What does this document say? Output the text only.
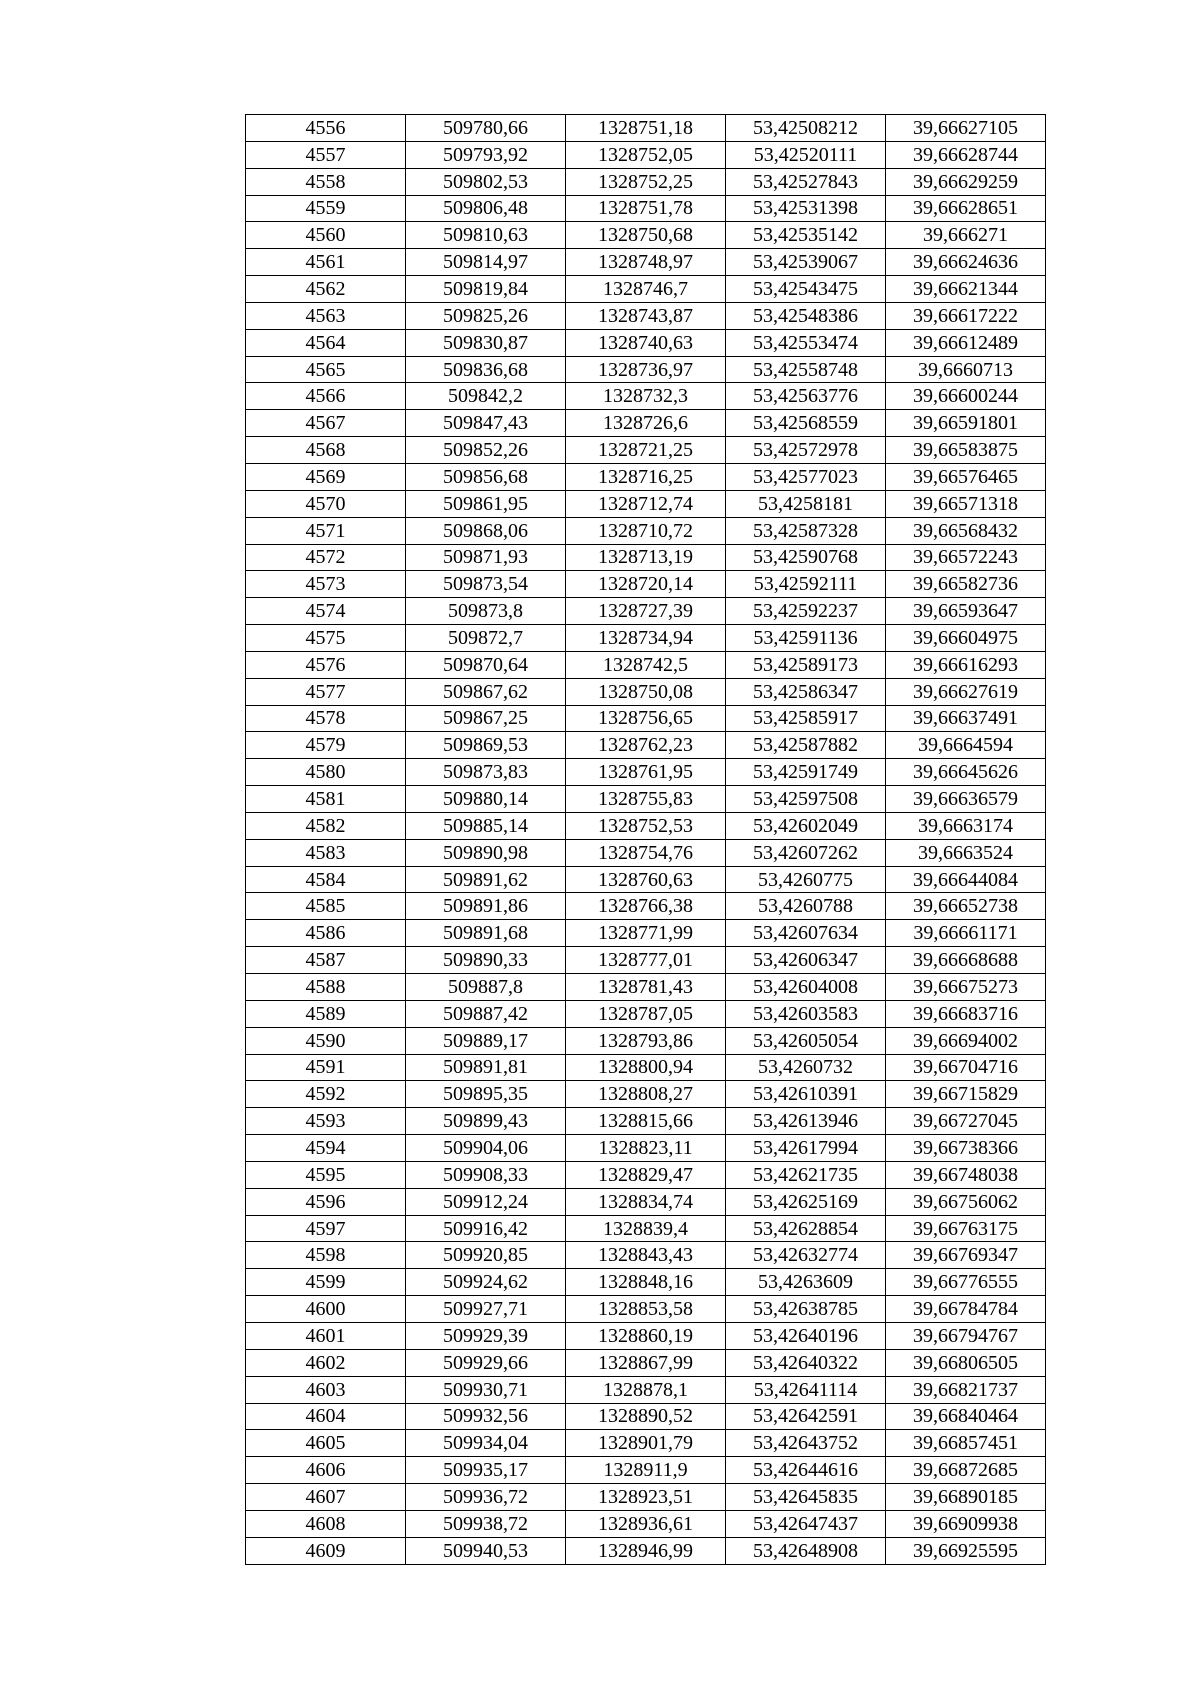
4556	509780,66	1328751,18	53,42508212	39,66627105
4557	509793,92	1328752,05	53,42520111	39,66628744
4558	509802,53	1328752,25	53,42527843	39,66629259
4559	509806,48	1328751,78	53,42531398	39,66628651
4560	509810,63	1328750,68	53,42535142	39,666271
4561	509814,97	1328748,97	53,42539067	39,66624636
4562	509819,84	1328746,7	53,42543475	39,66621344
4563	509825,26	1328743,87	53,42548386	39,66617222
4564	509830,87	1328740,63	53,42553474	39,66612489
4565	509836,68	1328736,97	53,42558748	39,6660713
4566	509842,2	1328732,3	53,42563776	39,66600244
4567	509847,43	1328726,6	53,42568559	39,66591801
4568	509852,26	1328721,25	53,42572978	39,66583875
4569	509856,68	1328716,25	53,42577023	39,66576465
4570	509861,95	1328712,74	53,4258181	39,66571318
4571	509868,06	1328710,72	53,42587328	39,66568432
4572	509871,93	1328713,19	53,42590768	39,66572243
4573	509873,54	1328720,14	53,42592111	39,66582736
4574	509873,8	1328727,39	53,42592237	39,66593647
4575	509872,7	1328734,94	53,42591136	39,66604975
4576	509870,64	1328742,5	53,42589173	39,66616293
4577	509867,62	1328750,08	53,42586347	39,66627619
4578	509867,25	1328756,65	53,42585917	39,66637491
4579	509869,53	1328762,23	53,42587882	39,6664594
4580	509873,83	1328761,95	53,42591749	39,66645626
4581	509880,14	1328755,83	53,42597508	39,66636579
4582	509885,14	1328752,53	53,42602049	39,6663174
4583	509890,98	1328754,76	53,42607262	39,6663524
4584	509891,62	1328760,63	53,4260775	39,66644084
4585	509891,86	1328766,38	53,4260788	39,66652738
4586	509891,68	1328771,99	53,42607634	39,66661171
4587	509890,33	1328777,01	53,42606347	39,66668688
4588	509887,8	1328781,43	53,42604008	39,66675273
4589	509887,42	1328787,05	53,42603583	39,66683716
4590	509889,17	1328793,86	53,42605054	39,66694002
4591	509891,81	1328800,94	53,4260732	39,66704716
4592	509895,35	1328808,27	53,42610391	39,66715829
4593	509899,43	1328815,66	53,42613946	39,66727045
4594	509904,06	1328823,11	53,42617994	39,66738366
4595	509908,33	1328829,47	53,42621735	39,66748038
4596	509912,24	1328834,74	53,42625169	39,66756062
4597	509916,42	1328839,4	53,42628854	39,66763175
4598	509920,85	1328843,43	53,42632774	39,66769347
4599	509924,62	1328848,16	53,4263609	39,66776555
4600	509927,71	1328853,58	53,42638785	39,66784784
4601	509929,39	1328860,19	53,42640196	39,66794767
4602	509929,66	1328867,99	53,42640322	39,66806505
4603	509930,71	1328878,1	53,42641114	39,66821737
4604	509932,56	1328890,52	53,42642591	39,66840464
4605	509934,04	1328901,79	53,42643752	39,66857451
4606	509935,17	1328911,9	53,42644616	39,66872685
4607	509936,72	1328923,51	53,42645835	39,66890185
4608	509938,72	1328936,61	53,42647437	39,66909938
4609	509940,53	1328946,99	53,42648908	39,66925595
